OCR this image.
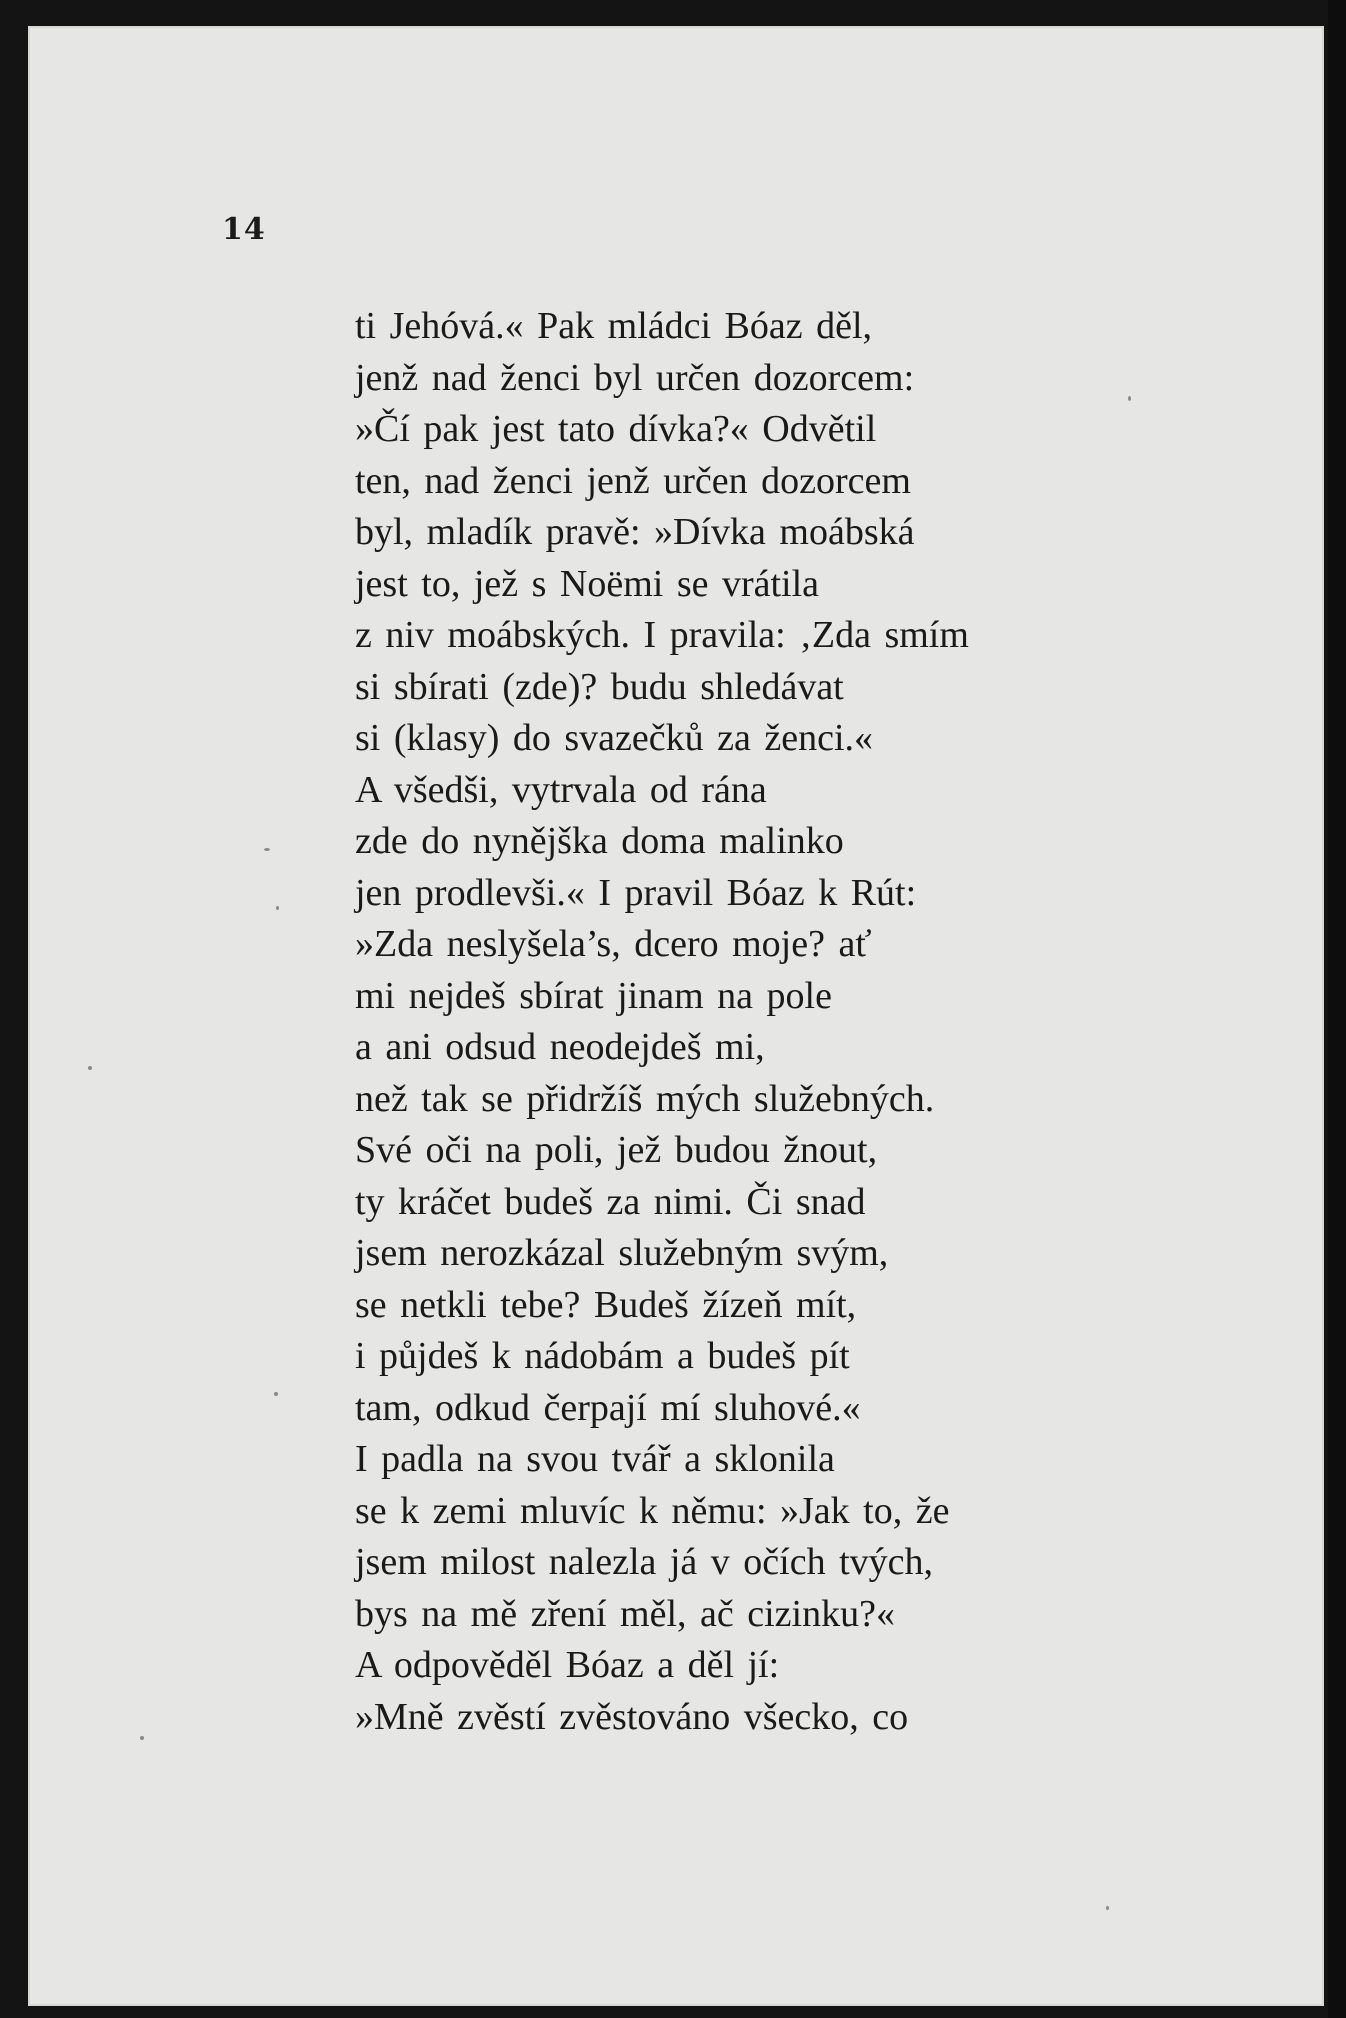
14
ti Jehóvá.« Pak mládci Bóaz děl,
jenž nad ženci byl určen dozorcem:
»Čí pak jest tato dívka?« Odvětil
ten, nad ženci jenž určen dozorcem
byl, mladík pravě: »Dívka moábská
jest to, jež s Noëmi se vrátila
z niv moábských. I pravila: ‚Zda smím
si sbírati (zde)? budu shledávat
si (klasy) do svazečků za ženci.«
A všedši, vytrvala od rána
zde do nynějška doma malinko
jen prodlevši.« I pravil Bóaz k Rút:
»Zda neslyšela’s, dcero moje? ať
mi nejdeš sbírat jinam na pole
a ani odsud neodejdeš mi,
než tak se přidržíš mých služebných.
Své oči na poli, jež budou žnout,
ty kráčet budeš za nimi. Či snad
jsem nerozkázal služebným svým,
se netkli tebe? Budeš žízeň mít,
i půjdeš k nádobám a budeš pít
tam, odkud čerpají mí sluhové.«
I padla na svou tvář a sklonila
se k zemi mluvíc k němu: »Jak to, že
jsem milost nalezla já v očích tvých,
bys na mě zření měl, ač cizinku?«
A odpověděl Bóaz a děl jí:
»Mně zvěstí zvěstováno všecko, co
